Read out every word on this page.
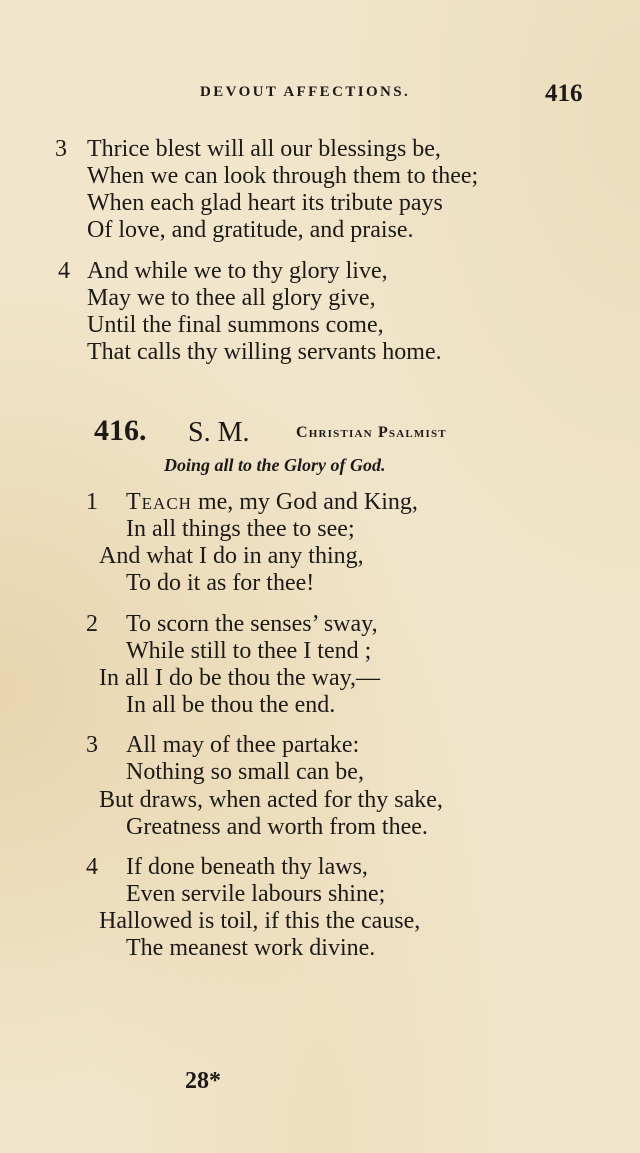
DEVOUT AFFECTIONS.	416
3 Thrice blest will all our blessings be,
When we can look through them to thee;
When each glad heart its tribute pays
Of love, and gratitude, and praise.
4 And while we to thy glory live,
May we to thee all glory give,
Until the final summons come,
That calls thy willing servants home.
416. S. M.	Christian Psalmist
Doing all to the Glory of God.
1 Teach me, my God and King,
In all things thee to see;
And what I do in any thing,
To do it as for thee!
2 To scorn the senses’ sway,
While still to thee I tend ;
In all I do be thou the way,—
In all be thou the end.
3 All may of thee partake:
Nothing so small can be,
But draws, when acted for thy sake,
Greatness and worth from thee.
4 If done beneath thy laws,
Even servile labours shine;
Hallowed is toil, if this the cause,
The meanest work divine.
28*
